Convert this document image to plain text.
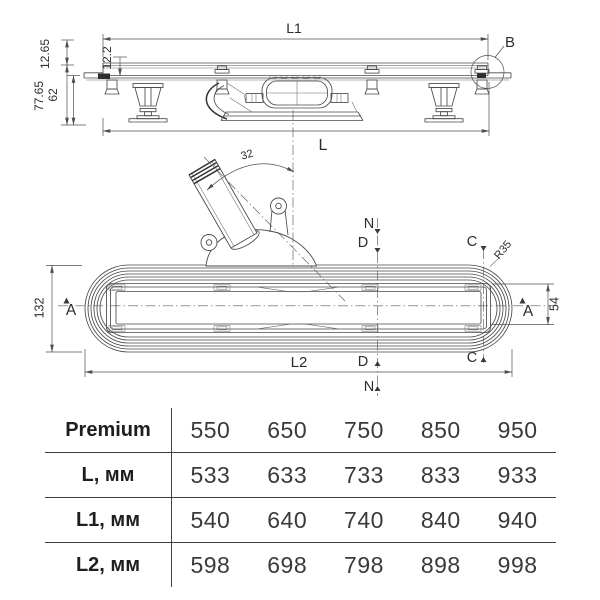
L1
12.65
77.65 62
12.2
B
L
32
N
D
D
N
C
C
A	A
132	54
L2
R35
Premium	550	650	750	850	950
L, мм	533	633	733	833	933
L1, мм	540	640	740	840	940
L2, мм	598	698	798	898	998
